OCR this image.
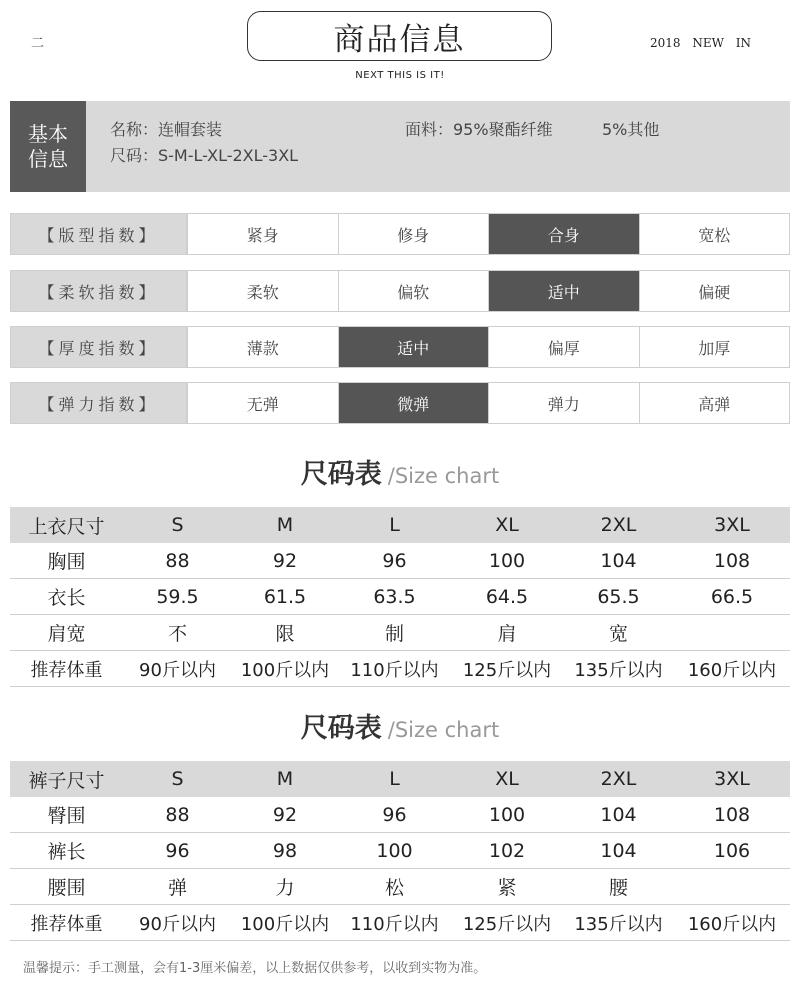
二	商品信息
NEXT THIS IS IT!
2018 NEW IN
基本
信息
名称：连帽套装
尺码：S-M-L-XL-2XL-3XL
面料：95%聚酯纤维	5%其他
【版型指数】	紧身	修身	合身	宽松
【柔软指数】	柔软	偏软	适中	偏硬
【厚度指数】	薄款	适中	偏厚	加厚
【弹力指数】	无弹	微弹	弹力	高弹
尺码表 /Size chart
上衣尺寸	S	M	L	XL	2XL	3XL
胸围	88	92	96	100	104	108
衣长	59.5	61.5	63.5	64.5	65.5	66.5
肩宽	不	限	制	肩	宽	
推荐体重	90斤以内	100斤以内	110斤以内	125斤以内	135斤以内	160斤以内
尺码表 /Size chart
裤子尺寸	S	M	L	XL	2XL	3XL
臀围	88	92	96	100	104	108
裤长	96	98	100	102	104	106
腰围	弹	力	松	紧	腰	
推荐体重	90斤以内	100斤以内	110斤以内	125斤以内	135斤以内	160斤以内
温馨提示：手工测量，会有1-3厘米偏差，以上数据仅供参考，以收到实物为准。
